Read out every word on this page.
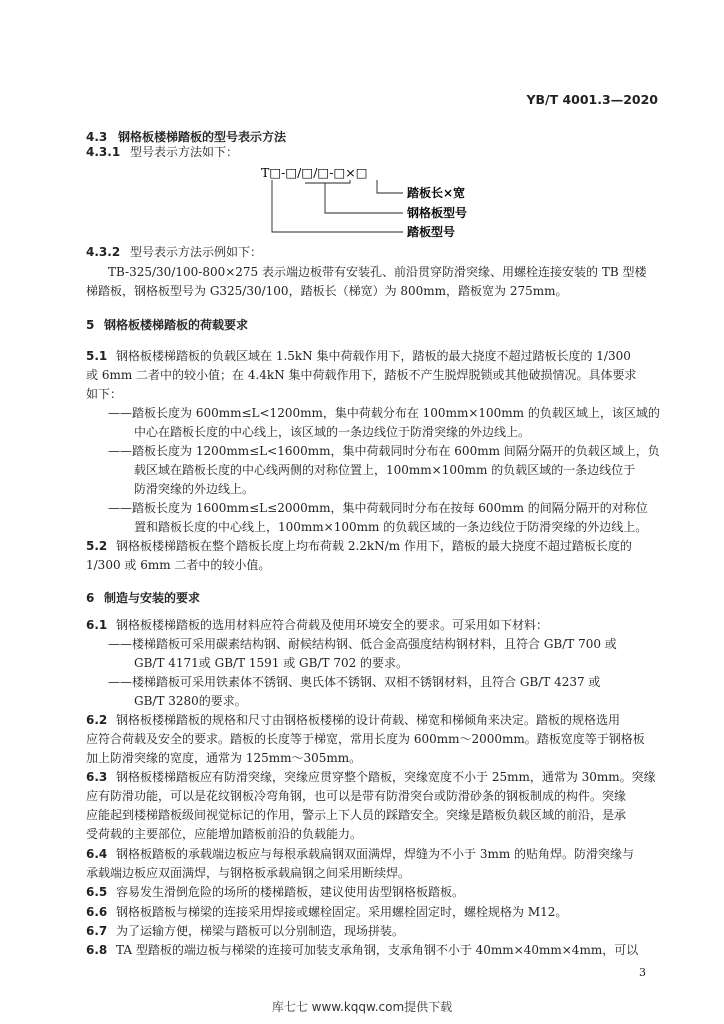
YB/T 4001.3—2020
4.3 钢格板楼梯踏板的型号表示方法
4.3.1 型号表示方法如下：
T□-□/□/□-□×□
踏板长×宽
钢格板型号
踏板型号
4.3.2 型号表示方法示例如下：
TB-325/30/100-800×275 表示端边板带有安装孔、前沿贯穿防滑突缘、用螺栓连接安装的 TB 型楼
梯踏板，钢格板型号为 G325/30/100，踏板长（梯宽）为 800mm，踏板宽为 275mm。
5 钢格板楼梯踏板的荷载要求
5.1 钢格板楼梯踏板的负载区域在 1.5kN 集中荷载作用下，踏板的最大挠度不超过踏板长度的 1/300
或 6mm 二者中的较小值；在 4.4kN 集中荷载作用下，踏板不产生脱焊脱锁或其他破损情况。具体要求
如下：
——踏板长度为 600mm≤L<1200mm，集中荷载分布在 100mm×100mm 的负载区域上，该区域的
中心在踏板长度的中心线上，该区域的一条边线位于防滑突缘的外边线上。
——踏板长度为 1200mm≤L<1600mm，集中荷载同时分布在 600mm 间隔分隔开的负载区域上，负
载区域在踏板长度的中心线两侧的对称位置上，100mm×100mm 的负载区域的一条边线位于
防滑突缘的外边线上。
——踏板长度为 1600mm≤L≤2000mm，集中荷载同时分布在按每 600mm 的间隔分隔开的对称位
置和踏板长度的中心线上，100mm×100mm 的负载区域的一条边线位于防滑突缘的外边线上。
5.2 钢格板楼梯踏板在整个踏板长度上均布荷载 2.2kN/m 作用下，踏板的最大挠度不超过踏板长度的
1/300 或 6mm 二者中的较小值。
6 制造与安装的要求
6.1 钢格板楼梯踏板的选用材料应符合荷载及使用环境安全的要求。可采用如下材料：
——楼梯踏板可采用碳素结构钢、耐候结构钢、低合金高强度结构钢材料，且符合 GB/T 700 或
GB/T 4171或 GB/T 1591 或 GB/T 702 的要求。
——楼梯踏板可采用铁素体不锈钢、奥氏体不锈钢、双相不锈钢材料，且符合 GB/T 4237 或
GB/T 3280的要求。
6.2 钢格板楼梯踏板的规格和尺寸由钢格板楼梯的设计荷载、梯宽和梯倾角来决定。踏板的规格选用
应符合荷载及安全的要求。踏板的长度等于梯宽，常用长度为 600mm～2000mm。踏板宽度等于钢格板
加上防滑突缘的宽度，通常为 125mm～305mm。
6.3 钢格板楼梯踏板应有防滑突缘，突缘应贯穿整个踏板，突缘宽度不小于 25mm，通常为 30mm。突缘
应有防滑功能，可以是花纹钢板冷弯角钢，也可以是带有防滑突台或防滑砂条的钢板制成的构件。突缘
应能起到楼梯踏板级间视觉标记的作用，警示上下人员的踩踏安全。突缘是踏板负载区域的前沿，是承
受荷载的主要部位，应能增加踏板前沿的负载能力。
6.4 钢格板踏板的承载端边板应与每根承载扁钢双面满焊，焊缝为不小于 3mm 的贴角焊。防滑突缘与
承载端边板应双面满焊，与钢格板承载扁钢之间采用断续焊。
6.5 容易发生滑倒危险的场所的楼梯踏板，建议使用齿型钢格板踏板。
6.6 钢格板踏板与梯梁的连接采用焊接或螺栓固定。采用螺栓固定时，螺栓规格为 M12。
6.7 为了运输方便，梯梁与踏板可以分别制造，现场拼装。
6.8 TA 型踏板的端边板与梯梁的连接可加装支承角钢，支承角钢不小于 40mm×40mm×4mm，可以
3
库七七 www.kqqw.com提供下载
